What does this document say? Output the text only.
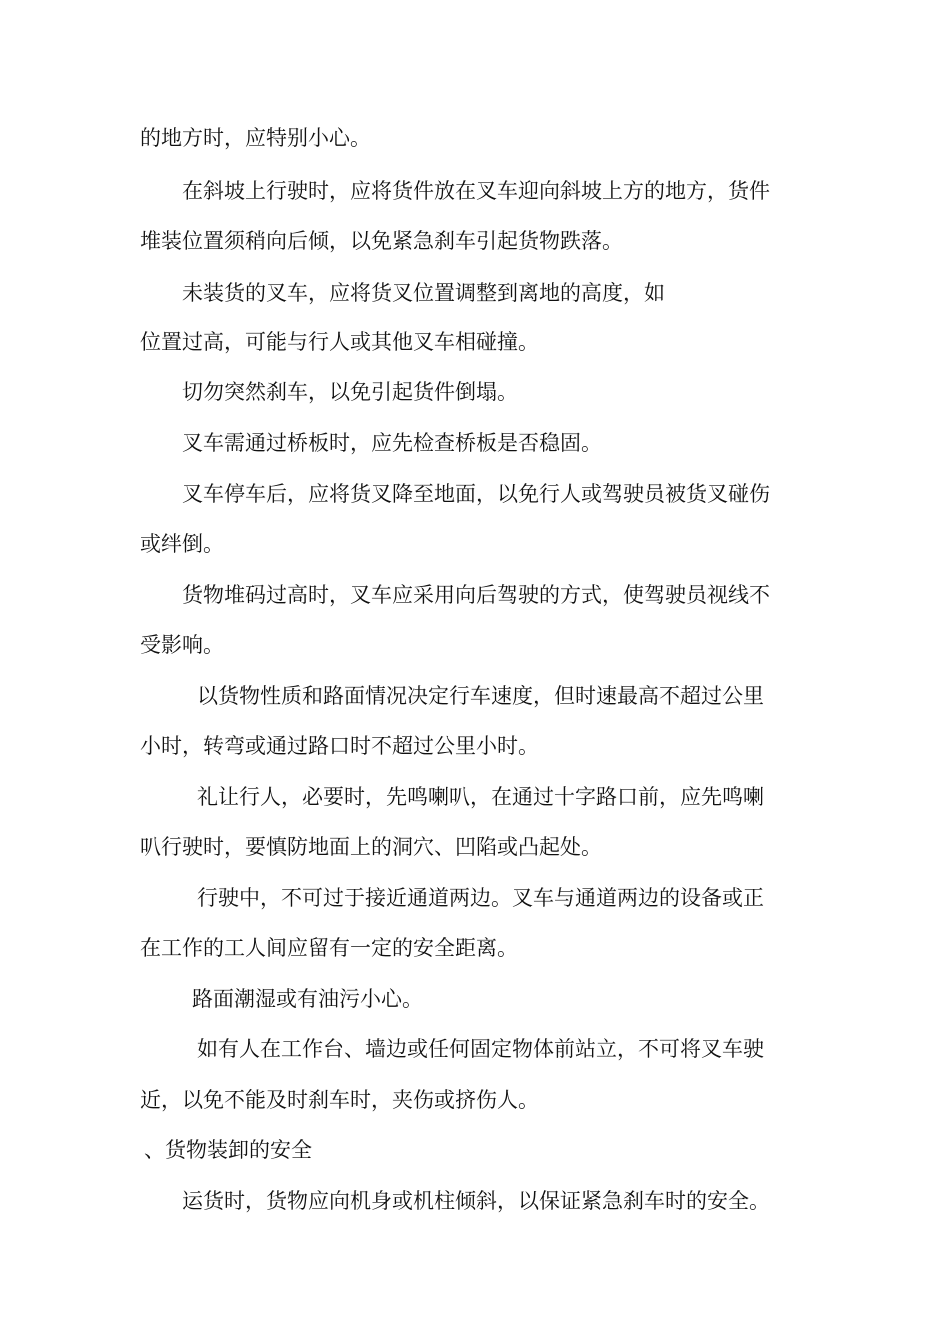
的地方时，应特别小心。
在斜坡上行驶时，应将货件放在叉车迎向斜坡上方的地方，货件
堆装位置须稍向后倾，以免紧急刹车引起货物跌落。
未装货的叉车，应将货叉位置调整到离地的高度，如
位置过高，可能与行人或其他叉车相碰撞。
切勿突然刹车，以免引起货件倒塌。
叉车需通过桥板时，应先检查桥板是否稳固。
叉车停车后，应将货叉降至地面，以免行人或驾驶员被货叉碰伤
或绊倒。
货物堆码过高时，叉车应采用向后驾驶的方式，使驾驶员视线不
受影响。
以货物性质和路面情况决定行车速度，但时速最高不超过公里
小时，转弯或通过路口时不超过公里小时。
礼让行人，必要时，先鸣喇叭，在通过十字路口前，应先鸣喇
叭行驶时，要慎防地面上的洞穴、凹陷或凸起处。
行驶中，不可过于接近通道两边。叉车与通道两边的设备或正
在工作的工人间应留有一定的安全距离。
路面潮湿或有油污小心。
如有人在工作台、墙边或任何固定物体前站立，不可将叉车驶
近，以免不能及时刹车时，夹伤或挤伤人。
、货物装卸的安全
运货时，货物应向机身或机柱倾斜，以保证紧急刹车时的安全。
